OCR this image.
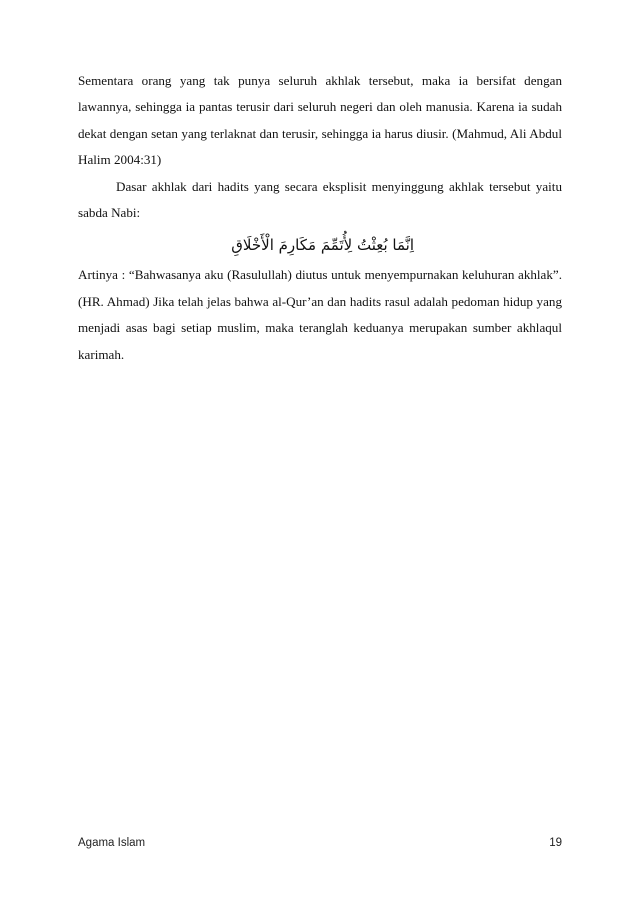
Sementara orang yang tak punya seluruh akhlak tersebut, maka ia bersifat dengan lawannya, sehingga ia pantas terusir dari seluruh negeri dan oleh manusia. Karena ia sudah dekat dengan setan yang terlaknat dan terusir, sehingga ia harus diusir. (Mahmud, Ali Abdul Halim 2004:31)

Dasar akhlak dari hadits yang secara eksplisit menyinggung akhlak tersebut yaitu sabda Nabi:

اِنَّمَا بُعِثْتُ لِأُتَمِّمَ مَكَارِمَ الْأَخْلَاقِ

Artinya : “Bahwasanya aku (Rasulullah) diutus untuk menyempurnakan keluhuran akhlak”. (HR. Ahmad) Jika telah jelas bahwa al-Qur’an dan hadits rasul adalah pedoman hidup yang menjadi asas bagi setiap muslim, maka teranglah keduanya merupakan sumber akhlaqul karimah.

Agama Islam	19
